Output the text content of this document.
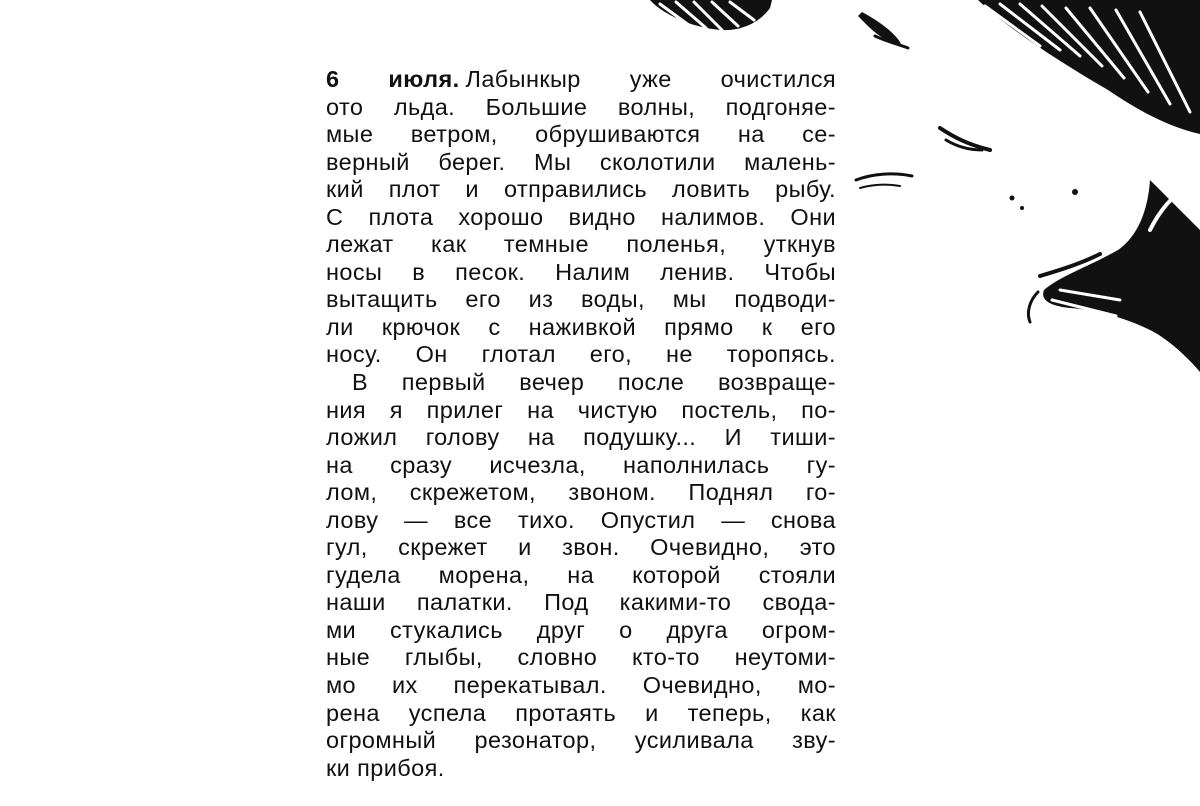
6 июля. Лабынкыр уже очистился
ото льда. Большие волны, подгоняе-
мые ветром, обрушиваются на се-
верный берег. Мы сколотили малень-
кий плот и отправились ловить рыбу.
С плота хорошо видно налимов. Они
лежат как темные поленья, уткнув
носы в песок. Налим ленив. Чтобы
вытащить его из воды, мы подводи-
ли крючок с наживкой прямо к его
носу. Он глотал его, не торопясь.
В первый вечер после возвраще-
ния я прилег на чистую постель, по-
ложил голову на подушку... И тиши-
на сразу исчезла, наполнилась гу-
лом, скрежетом, звоном. Поднял го-
лову — все тихо. Опустил — снова
гул, скрежет и звон. Очевидно, это
гудела морена, на которой стояли
наши палатки. Под какими-то свода-
ми стукались друг о друга огром-
ные глыбы, словно кто-то неутоми-
мо их перекатывал. Очевидно, мо-
рена успела протаять и теперь, как
огромный резонатор, усиливала зву-
ки прибоя.
